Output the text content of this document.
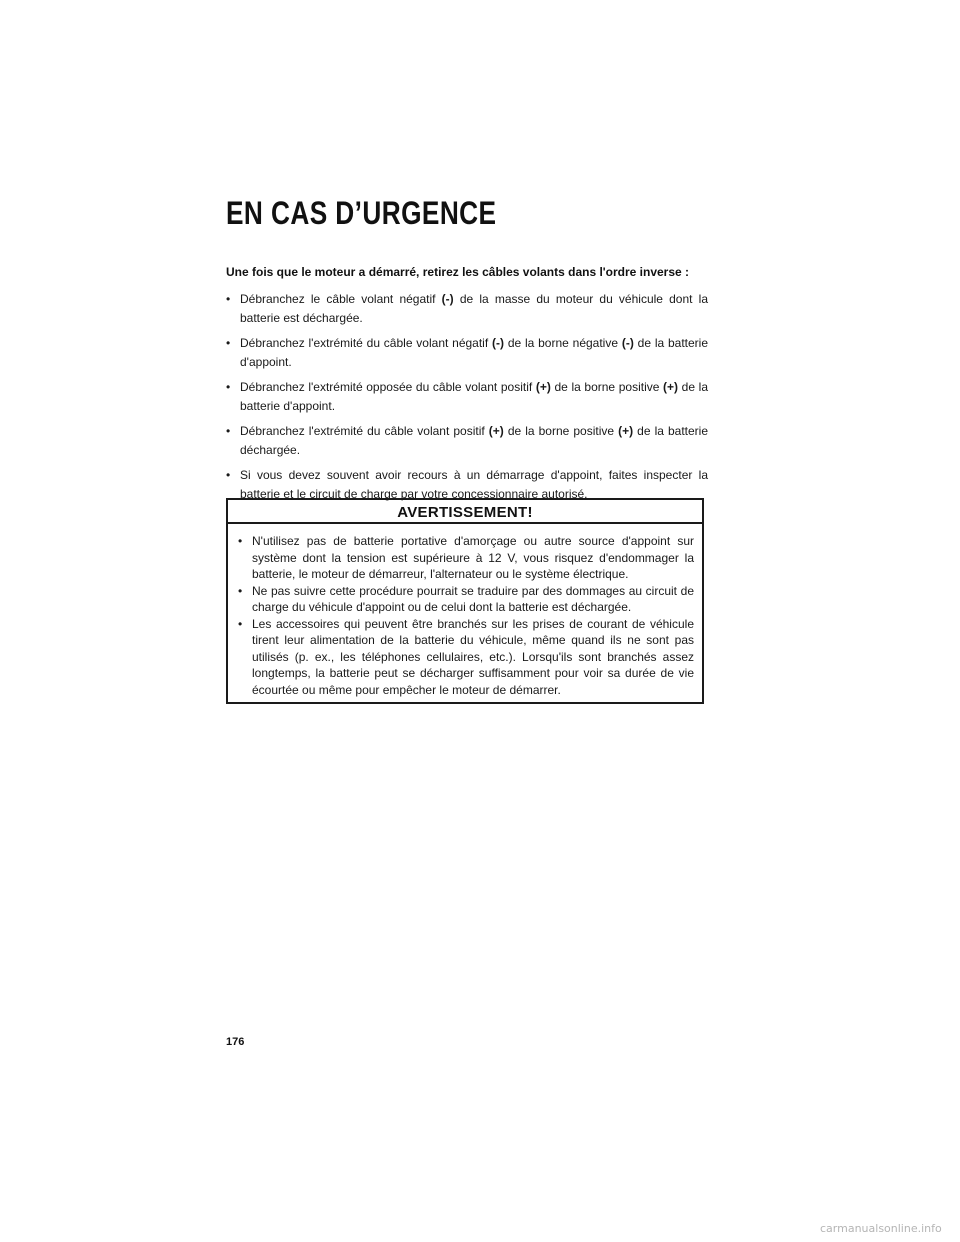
EN CAS D’URGENCE

Une fois que le moteur a démarré, retirez les câbles volants dans l'ordre inverse :

• Débranchez le câble volant négatif (-) de la masse du moteur du véhicule dont la batterie est déchargée.
• Débranchez l'extrémité du câble volant négatif (-) de la borne négative (-) de la batterie d'appoint.
• Débranchez l'extrémité opposée du câble volant positif (+) de la borne positive (+) de la batterie d'appoint.
• Débranchez l'extrémité du câble volant positif (+) de la borne positive (+) de la batterie déchargée.
• Si vous devez souvent avoir recours à un démarrage d'appoint, faites inspecter la batterie et le circuit de charge par votre concessionnaire autorisé.
AVERTISSEMENT!
• N'utilisez pas de batterie portative d'amorçage ou autre source d'appoint sur système dont la tension est supérieure à 12 V, vous risquez d'endommager la batterie, le moteur de démarreur, l'alternateur ou le système électrique.
• Ne pas suivre cette procédure pourrait se traduire par des dommages au circuit de charge du véhicule d'appoint ou de celui dont la batterie est déchargée.
• Les accessoires qui peuvent être branchés sur les prises de courant de véhicule tirent leur alimentation de la batterie du véhicule, même quand ils ne sont pas utilisés (p. ex., les téléphones cellulaires, etc.). Lorsqu'ils sont branchés assez longtemps, la batterie peut se décharger suffisamment pour voir sa durée de vie écourtée ou même pour empêcher le moteur de démarrer.

176

carmanualsonline.info
